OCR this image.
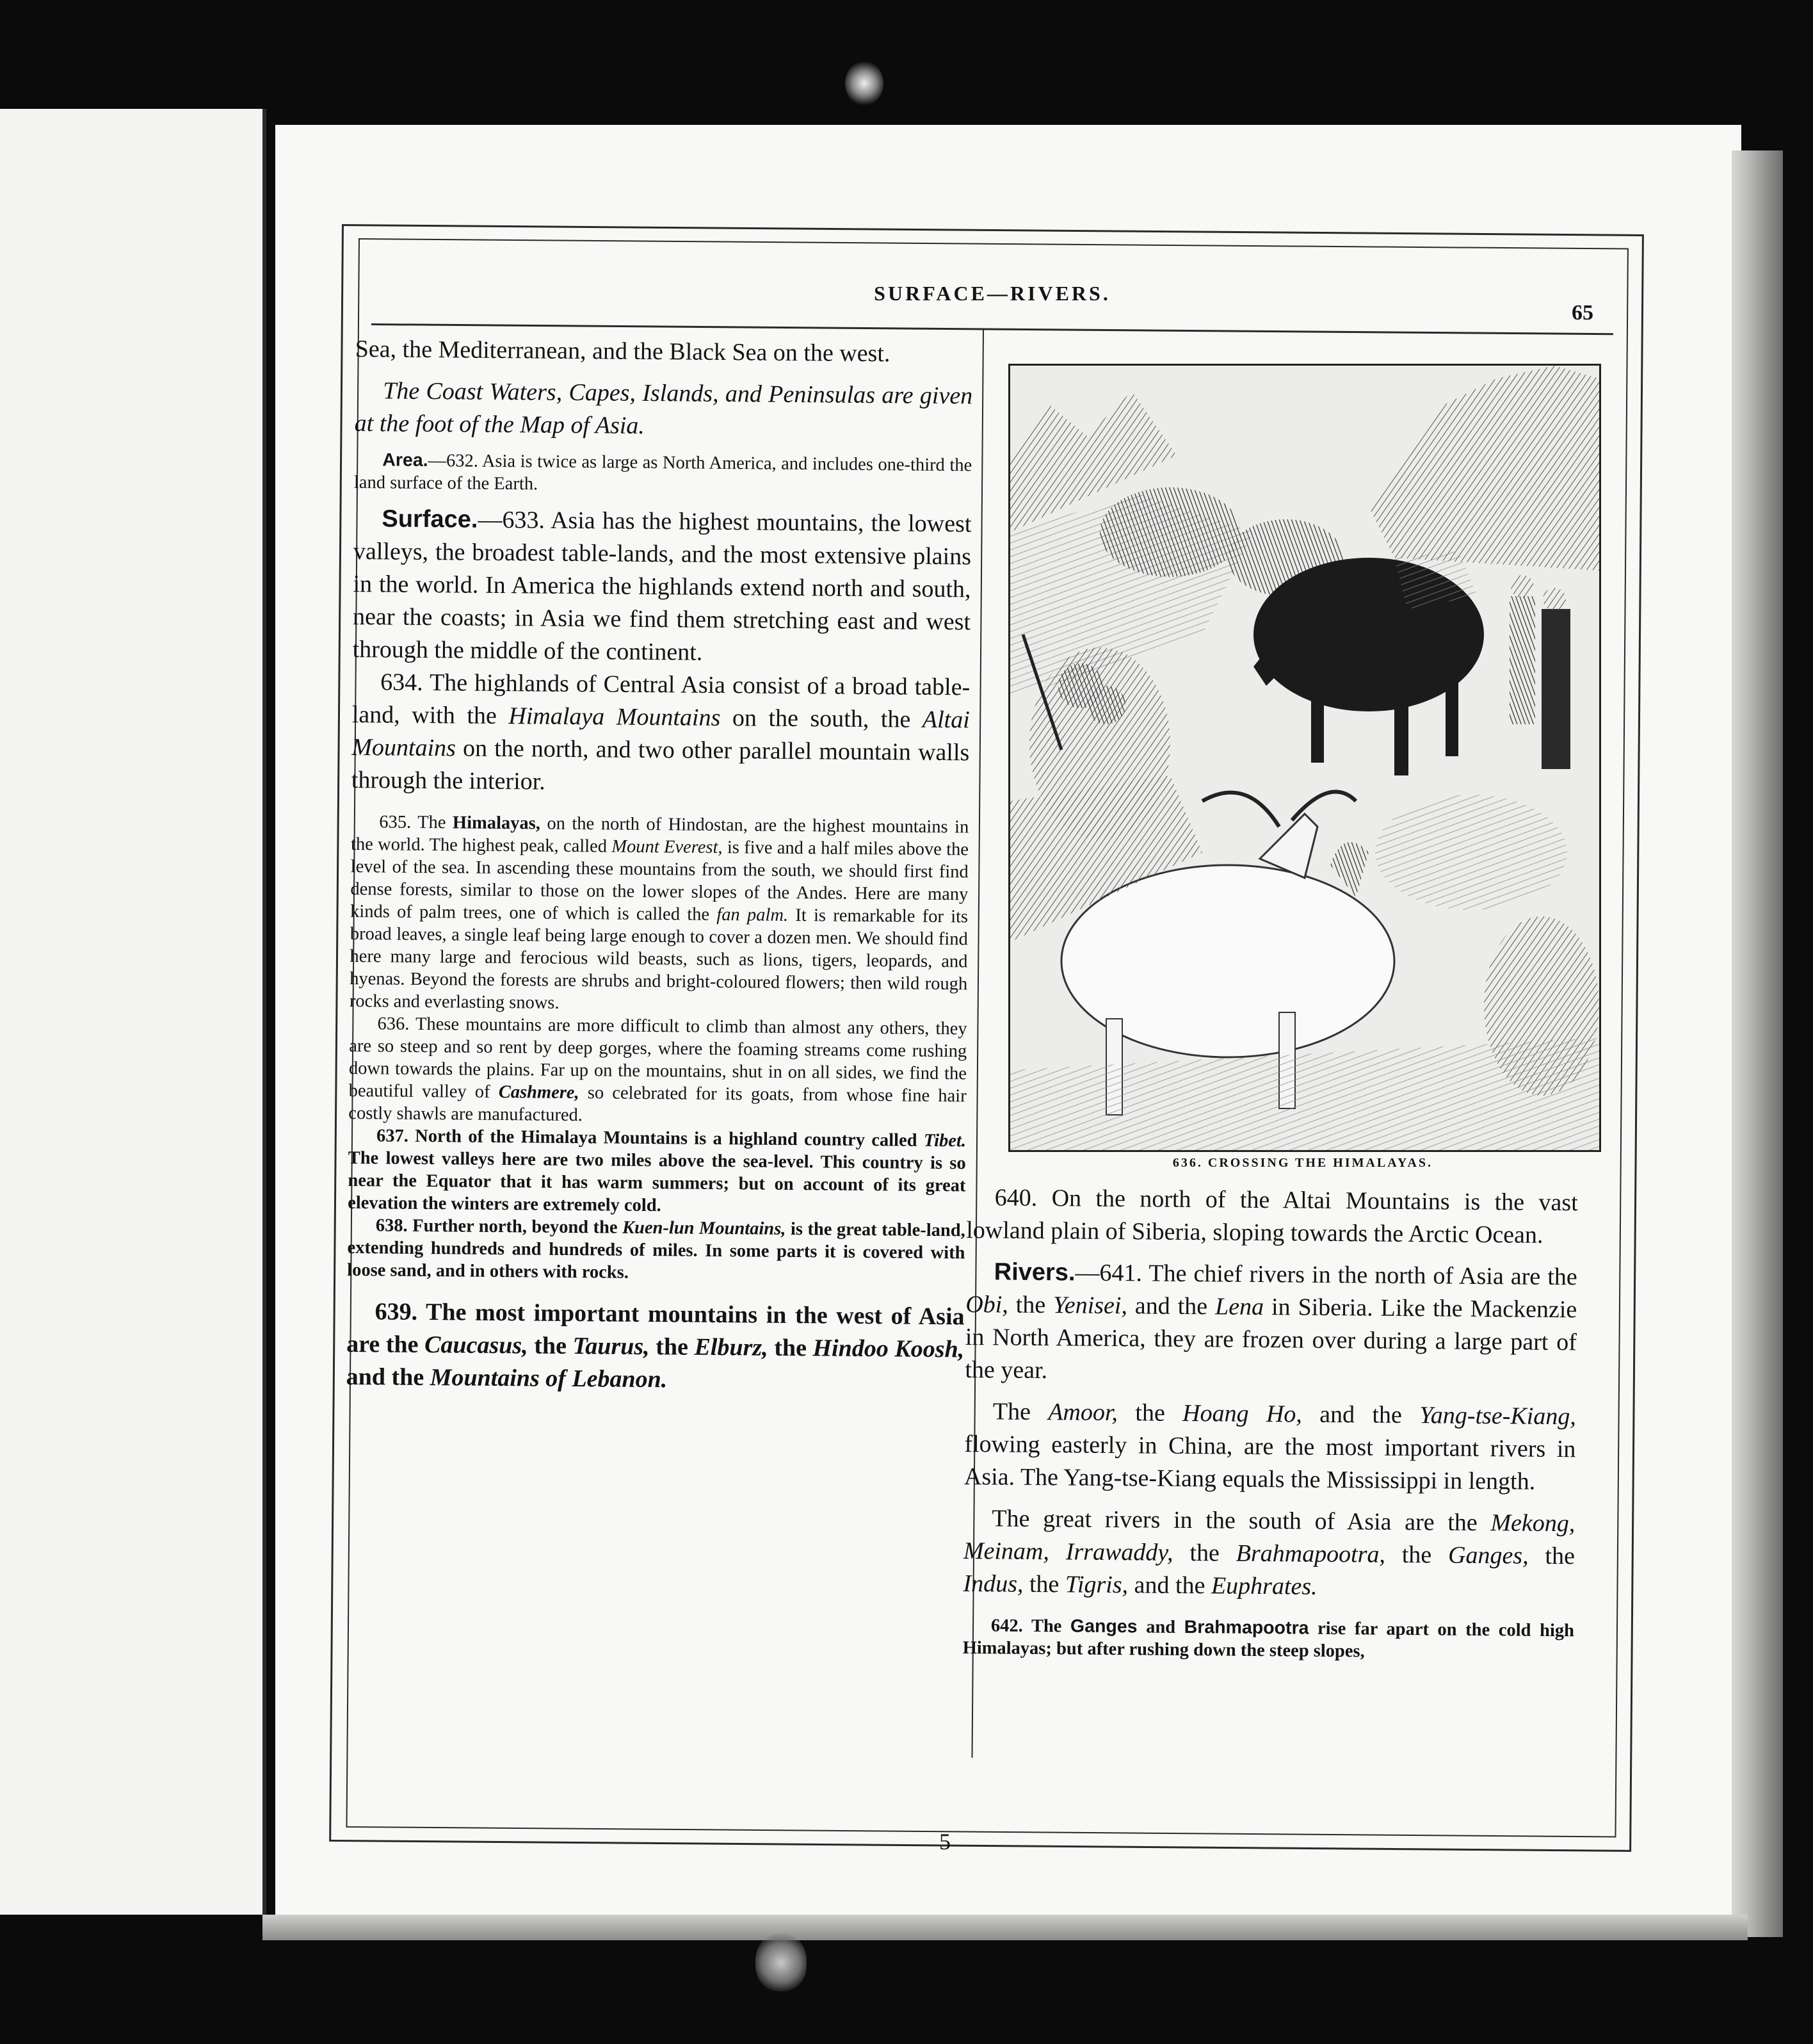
SURFACE—RIVERS.
65

Sea, the Mediterranean, and the Black Sea on the west.

The Coast Waters, Capes, Islands, and Peninsulas are given at the foot of the Map of Asia.

Area.—632. Asia is twice as large as North America, and includes one-third the land surface of the Earth.

Surface.—633. Asia has the highest mountains, the lowest valleys, the broadest table-lands, and the most extensive plains in the world. In America the highlands extend north and south, near the coasts; in Asia we find them stretching east and west through the middle of the continent.

634. The highlands of Central Asia consist of a broad table-land, with the Himalaya Mountains on the south, the Altai Mountains on the north, and two other parallel mountain walls through the interior.

635. The Himalayas, on the north of Hindostan, are the highest mountains in the world. The highest peak, called Mount Everest, is five and a half miles above the level of the sea. In ascending these mountains from the south, we should first find dense forests, similar to those on the lower slopes of the Andes. Here are many kinds of palm trees, one of which is called the fan palm. It is remarkable for its broad leaves, a single leaf being large enough to cover a dozen men. We should find here many large and ferocious wild beasts, such as lions, tigers, leopards, and hyenas. Beyond the forests are shrubs and bright-coloured flowers; then wild rough rocks and everlasting snows.

636. These mountains are more difficult to climb than almost any others, they are so steep and so rent by deep gorges, where the foaming streams come rushing down towards the plains. Far up on the mountains, shut in on all sides, we find the beautiful valley of Cashmere, so celebrated for its goats, from whose fine hair costly shawls are manufactured.

637. North of the Himalaya Mountains is a highland country called Tibet. The lowest valleys here are two miles above the sea-level. This country is so near the Equator that it has warm summers; but on account of its great elevation the winters are extremely cold.

638. Further north, beyond the Kuen-lun Mountains, is the great table-land, extending hundreds and hundreds of miles. In some parts it is covered with loose sand, and in others with rocks.

639. The most important mountains in the west of Asia are the Caucasus, the Taurus, the Elburz, the Hindoo Koosh, and the Mountains of Lebanon.

636. CROSSING THE HIMALAYAS.

640. On the north of the Altai Mountains is the vast lowland plain of Siberia, sloping towards the Arctic Ocean.

Rivers.—641. The chief rivers in the north of Asia are the Obi, the Yenisei, and the Lena in Siberia. Like the Mackenzie in North America, they are frozen over during a large part of the year.

The Amoor, the Hoang Ho, and the Yang-tse-Kiang, flowing easterly in China, are the most important rivers in Asia. The Yang-tse-Kiang equals the Mississippi in length.

The great rivers in the south of Asia are the Mekong, Meinam, Irrawaddy, the Brahmapootra, the Ganges, the Indus, the Tigris, and the Euphrates.

642. The Ganges and Brahmapootra rise far apart on the cold high Himalayas; but after rushing down the steep slopes,

5
